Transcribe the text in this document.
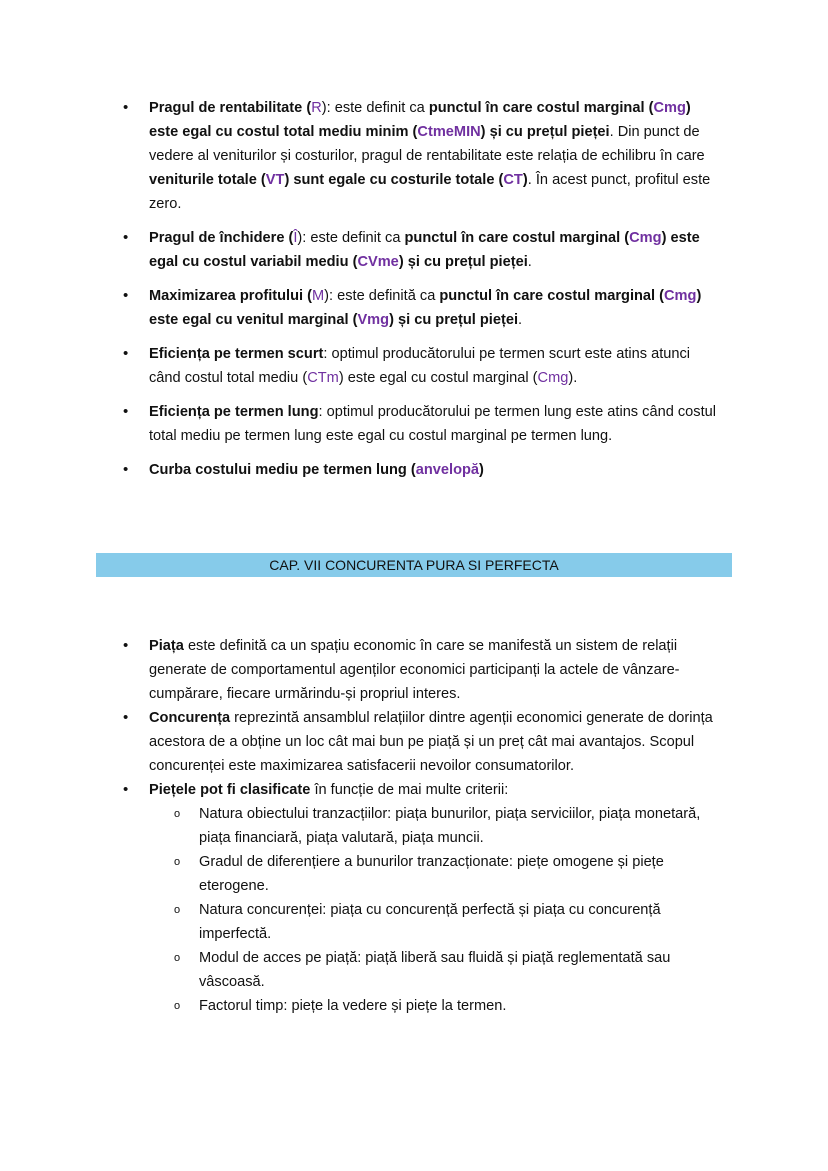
• Pragul de rentabilitate (R): este definit ca punctul în care costul marginal (Cmg) este egal cu costul total mediu minim (CtmeMIN) și cu prețul pieței. Din punct de vedere al veniturilor și costurilor, pragul de rentabilitate este relația de echilibru în care veniturile totale (VT) sunt egale cu costurile totale (CT). În acest punct, profitul este zero.
• Pragul de închidere (Î): este definit ca punctul în care costul marginal (Cmg) este egal cu costul variabil mediu (CVme) și cu prețul pieței.
• Maximizarea profitului (M): este definită ca punctul în care costul marginal (Cmg) este egal cu venitul marginal (Vmg) și cu prețul pieței.
• Eficiența pe termen scurt: optimul producătorului pe termen scurt este atins atunci când costul total mediu (CTm) este egal cu costul marginal (Cmg).
• Eficiența pe termen lung: optimul producătorului pe termen lung este atins când costul total mediu pe termen lung este egal cu costul marginal pe termen lung.
• Curba costului mediu pe termen lung (anvelopă)
CAP. VII CONCURENTA PURA SI PERFECTA
• Piața este definită ca un spațiu economic în care se manifestă un sistem de relații generate de comportamentul agenților economici participanți la actele de vânzare-cumpărare, fiecare urmărindu-și propriul interes.
• Concurența reprezintă ansamblul relațiilor dintre agenții economici generate de dorința acestora de a obține un loc cât mai bun pe piață și un preț cât mai avantajos. Scopul concurenței este maximizarea satisfacerii nevoilor consumatorilor.
• Piețele pot fi clasificate în funcție de mai multe criterii:
o Natura obiectului tranzacțiilor: piața bunurilor, piața serviciilor, piața monetară, piața financiară, piața valutară, piața muncii.
o Gradul de diferențiere a bunurilor tranzacționate: piețe omogene și piețe eterogene.
o Natura concurenței: piața cu concurență perfectă și piața cu concurență imperfectă.
o Modul de acces pe piață: piață liberă sau fluidă și piață reglementată sau vâscoasă.
o Factorul timp: piețe la vedere și piețe la termen.
